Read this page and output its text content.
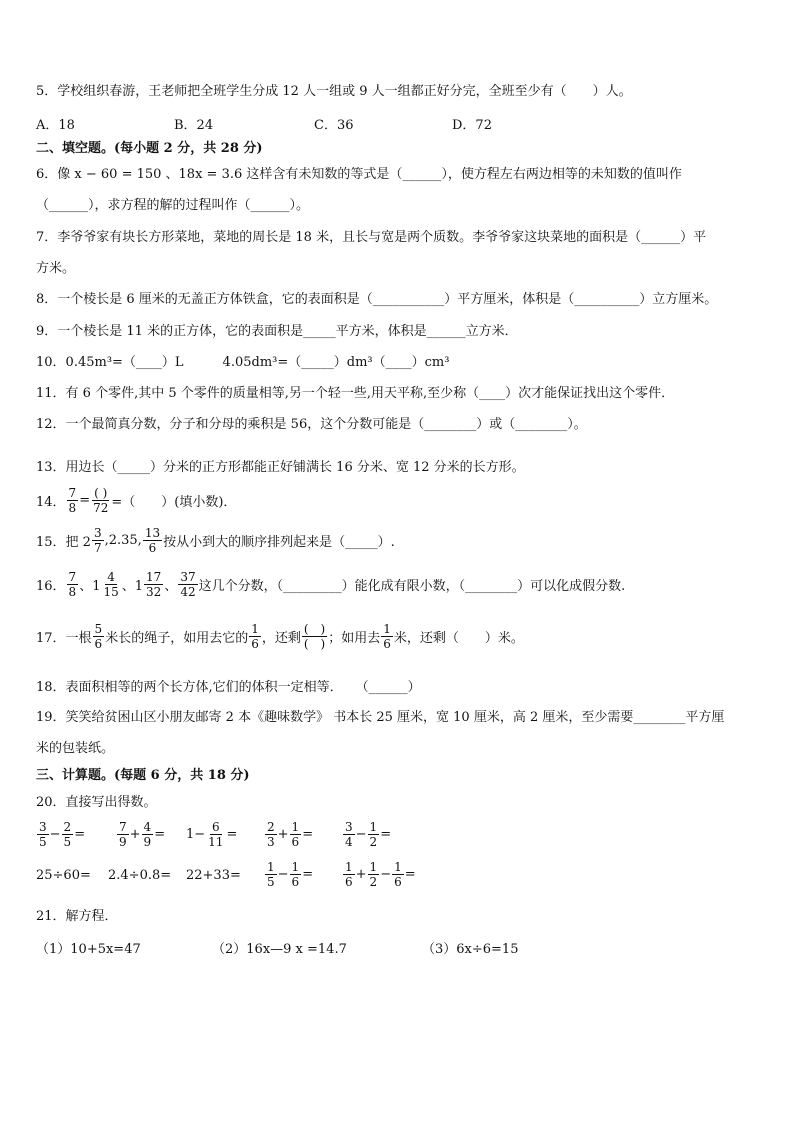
5．学校组织春游，王老师把全班学生分成 12 人一组或 9 人一组都正好分完，全班至少有（　　）人。
A．18	B．24	C．36	D．72
二、填空题。(每小题 2 分，共 28 分)
6．像 x − 60 = 150 、18x = 3.6 这样含有未知数的等式是（______），使方程左右两边相等的未知数的值叫作
（______），求方程的解的过程叫作（______）。
7．李爷爷家有块长方形菜地，菜地的周长是 18 米，且长与宽是两个质数。李爷爷家这块菜地的面积是（______）平
方米。
8．一个棱长是 6 厘米的无盖正方体铁盒，它的表面积是（___________）平方厘米，体积是（__________）立方厘米。
9．一个棱长是 11 米的正方体，它的表面积是_____平方米，体积是______立方米．
10．0.45m³=（____）L　　　4.05dm³=（_____）dm³（____）cm³
11．有 6 个零件,其中 5 个零件的质量相等,另一个轻一些,用天平称,至少称（____）次才能保证找出这个零件．
12．一个最简真分数，分子和分母的乘积是 56，这个分数可能是（________）或（________）。
13．用边长（_____）分米的正方形都能正好铺满长 16 分米、宽 12 分米的长方形。
14． $\frac{7}{8} = \frac{( )}{72}$ =（　　）(填小数)．
15．把 $2 \frac{3}{7} ,2.35$, $\frac{13}{6}$ 按从小到大的顺序排列起来是（_____）.
16． $\frac{7}{8}$ 、$1 \frac{4}{15}$ 、$1 \frac{17}{32}$ 、 $\frac{37}{42}$ 这几个分数，（_________）能化成有限小数，（________）可以化成假分数.
17．一根 $\frac{5}{6}$ 米长的绳子，如用去它的 $\frac{1}{6}$ ，还剩 $\frac{( )}{( )}$ ；如用去 $\frac{1}{6}$ 米，还剩（　　）米。
18．表面积相等的两个长方体,它们的体积一定相等．　　（______）
19．笑笑给贫困山区小朋友邮寄 2 本《趣味数学》 书本长 25 厘米，宽 10 厘米，高 2 厘米，至少需要________平方厘
米的包装纸。
三、计算题。(每题 6 分，共 18 分)
20．直接写出得数。
$\frac{3}{5} - \frac{2}{5}$ =	$\frac{7}{9} + \frac{4}{9} = 1- \frac{6}{11} = \frac{2}{3} + \frac{1}{6} = \frac{3}{4} - \frac{1}{2}$ =
$25\div 60= 2.4\div 0.8= 22+33= \frac{1}{5} - \frac{1}{6} = \frac{1}{6} + \frac{1}{2} - \frac{1}{6}$ =
21．解方程．
（1）10+5x=47	（2）16x—9 x =14.7	（3）6x÷6=15
